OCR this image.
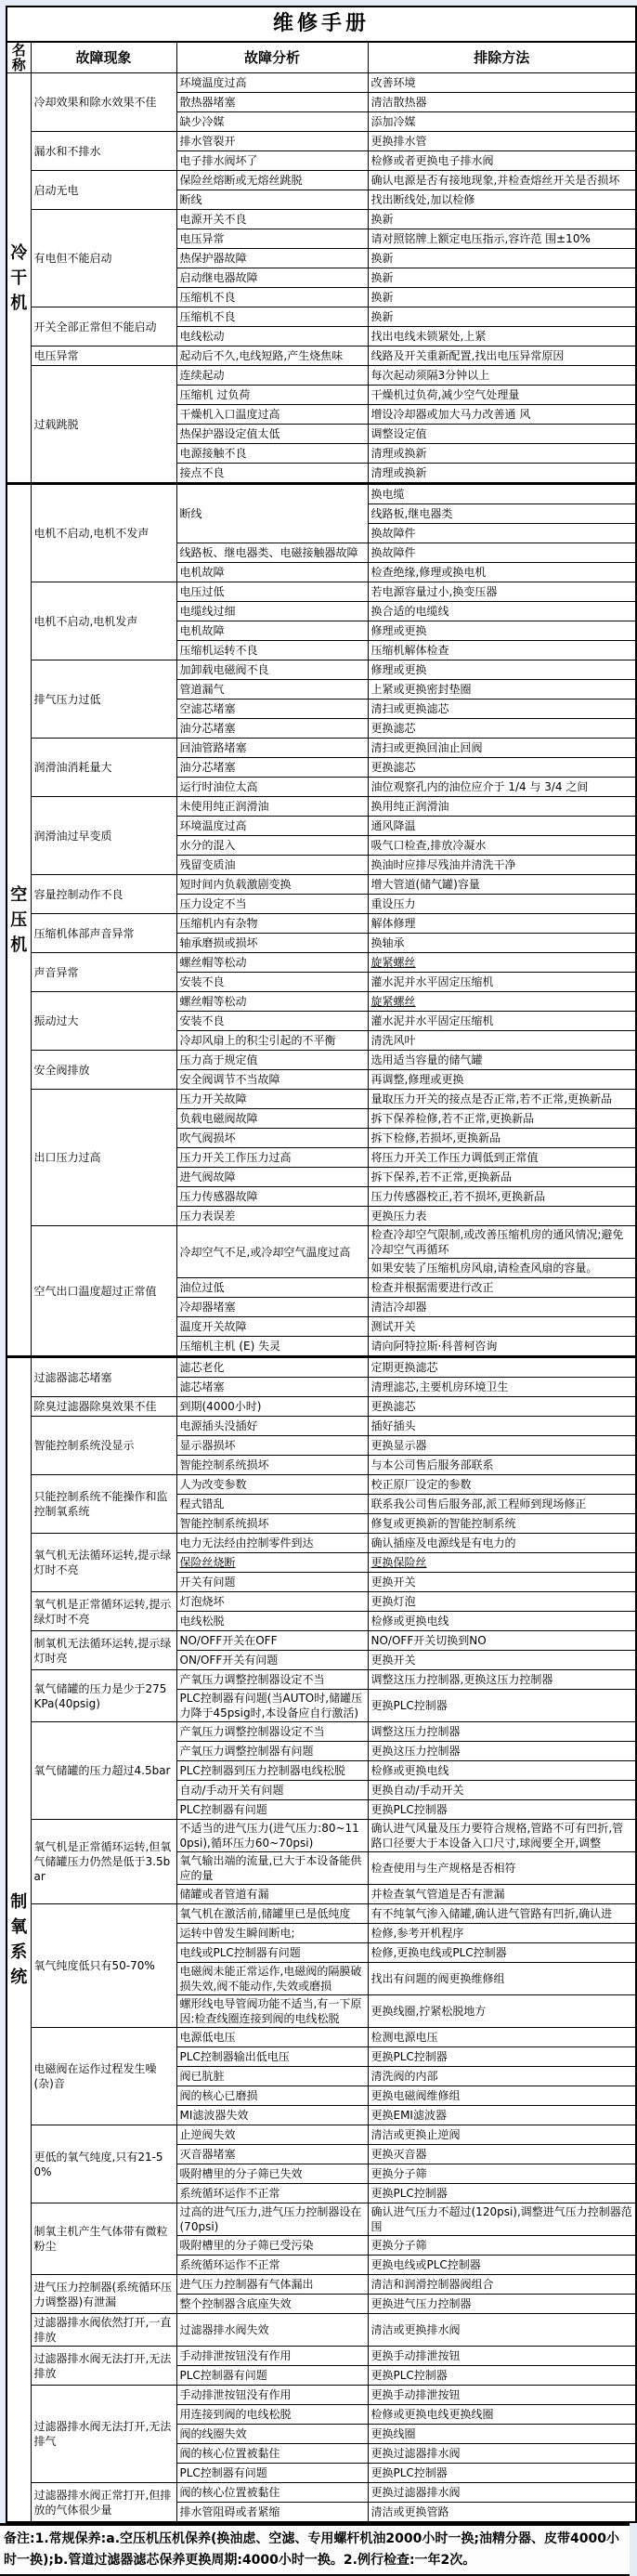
维修手册			
名称	故障现象	故障分析	排除方法
冷干机	冷却效果和除水效果不佳	环境温度过高	改善环境
		散热器堵塞	清洁散热器
		缺少冷媒	添加冷媒
	漏水和不排水	排水管裂开	更换排水管
		电子排水阀坏了	检修或者更换电子排水阀
	启动无电	保险丝熔断或无熔丝跳脱	确认电源是否有接地现象,并检查熔丝开关是否损坏
		断线	找出断线处,加以检修
	有电但不能启动	电源开关不良	换新
		电压异常	请对照铭牌上额定电压指示,容许范 围±10%
		热保护器故障	换新
		启动继电器故障	换新
		压缩机不良	换新
	开关全部正常但不能启动	压缩机不良	换新
		电线松动	找出电线未锁紧处,上紧
	电压异常	起动后不久,电线短路,产生烧焦味	线路及开关重新配置,找出电压异常原因
	过载跳脱	连续起动	每次起动须隔3分钟以上
		压缩机 过负荷	干燥机过负荷,减少空气处理量
		干燥机入口温度过高	增设冷却器或加大马力改善通 风
		热保护器设定值太低	调整设定值
		电源接触不良	清理或换新
		接点不良	清理或换新
空压机	电机不启动,电机不发声	断线	换电缆
			线路板,继电器类
			换故障件
		线路板、继电器类、电磁接触器故障	换故障件
		电机故障	检查绝缘,修理或换电机
	电机不启动,电机发声	电压过低	若电源容量过小,换变压器
		电缆线过细	换合适的电缆线
		电机故障	修理或更换
		压缩机运转不良	压缩机解体检查
	排气压力过低	加卸载电磁阀不良	修理或更换
		管道漏气	上紧或更换密封垫圈
		空滤芯堵塞	清扫或更换滤芯
		油分芯堵塞	更换滤芯
	润滑油消耗量大	回油管路堵塞	清扫或更换回油止回阀
		油分芯堵塞	更换滤芯
		运行时油位太高	油位观察孔内的油位应介于 1/4 与 3/4 之间
	润滑油过早变质	未使用纯正润滑油	换用纯正润滑油
		环境温度过高	通风降温
		水分的混入	吸气口检查,排放冷凝水
		残留变质油	换油时应排尽残油并清洗干净
	容量控制动作不良	短时间内负载激剧变换	增大管道(储气罐)容量
		压力设定不当	重设压力
	压缩机体部声音异常	压缩机内有杂物	解体修理
		轴承磨损或损坏	换轴承
	声音异常	螺丝帽等松动	旋紧螺丝
		安装不良	灌水泥并水平固定压缩机
	振动过大	螺丝帽等松动	旋紧螺丝
		安装不良	灌水泥并水平固定压缩机
		冷却风扇上的积尘引起的不平衡	清洗风叶
	安全阀排放	压力高于规定值	选用适当容量的储气罐
		安全阀调节不当故障	再调整,修理或更换
	出口压力过高	压力开关故障	量取压力开关的接点是否正常,若不正常,更换新品
		负载电磁阀故障	拆下保养检修,若不正常,更换新品
		吹气阀损坏	拆下检修,若损坏,更换新品
		压力开关工作压力过高	将压力开关工作压力调低到正常值
		进气阀故障	拆下保养,若不正常,更换新品
		压力传感器故障	压力传感器校正,若不损坏,更换新品
		压力表误差	更换压力表
	空气出口温度超过正常值	冷却空气不足,或冷却空气温度过高	检查冷却空气限制,或改善压缩机房的通风情况;避免冷却空气再循环
			如果安装了压缩机房风扇,请检查风扇的容量。
		油位过低	检查并根据需要进行改正
		冷却器堵塞	清洁冷却器
		温度开关故障	测试开关
		压缩机主机 (E) 失灵	请向阿特拉斯·科普柯咨询
制氧系统	过滤器滤芯堵塞	滤芯老化	定期更换滤芯
		滤芯堵塞	清理滤芯,主要机房环境卫生
	除臭过滤器除臭效果不佳	到期(4000小时)	更换滤芯
	智能控制系统没显示	电源插头没插好	插好插头
		显示器损坏	更换显示器
		智能控制系统损坏	与本公司售后服务部联系
	只能控制系统不能操作和监控制氧系统	人为改变参数	校正原厂设定的参数
		程式错乱	联系我公司售后服务部,派工程师到现场修正
		智能控制系统损坏	修复或更换新的智能控制系统
	氧气机无法循环运转,提示绿灯时不亮	电力无法经由控制零件到达	确认插座及电源线是有电力的
		保险丝烧断	更换保险丝
		开关有问题	更换开关
	氧气机是正常循环运转,提示绿灯时不亮	灯泡烧坏	更换灯泡
		电线松脱	检修或更换电线
	制氧机无法循环运转,提示绿灯时亮	NO/OFF开关在OFF	NO/OFF开关切换到NO
		ON/OFF开关有问题	更换开关
	氧气储罐的压力是少于275KPa(40psig)	产氧压力调整控制器设定不当	调整这压力控制器,更换这压力控制器
		PLC控制器有问题(当AUTO时,储罐压力降于45psig时,本设备应自行激活)	更换PLC控制器
	氧气储罐的压力超过4.5bar	产氧压力调整控制器设定不当	调整这压力控制器
		产氧压力调整控制器有问题	更换这压力控制器
		PLC控制器到压力控制器电线松脱	检修或更换电线
		自动/手动开关有问题	更换自动/手动开关
		PLC控制器有问题	更换PLC控制器
	氧气机是正常循环运转,但氧气储罐压力仍然是低于3.5bar	不适当的进气压力(进气压力:80~110psi),循环压力60~70psi)	确认进气风量及压力要符合规格,管路不可有凹折,管路口径要大于本设备入口尺寸,球阀要全开,调整
		氧气输出端的流量,已大于本设备能供应的量	检查使用与生产规格是否相符
		储罐或者管道有漏	并检查氧气管道是否有泄漏
	氧气纯度低只有50-70%	氧气机在激活前,储罐里已是低纯度	有不纯氧气渗入储罐,确认进气管路有凹折,确认进
		运转中曾发生瞬间断电;	检修,参考开机程序
		电线或PLC控制器有问题	检修,更换电线或PLC控制器
		电磁阀未能正常运作,电磁阀的隔膜破损失效,阀不能动作,失效或磨损	找出有问题的阀更换维修组
		螺形线电导管阀功能不适当,有一下原因:检查线圈连接到阀的电线松脱	更换线圈,拧紧松脱地方
	电磁阀在运作过程发生噪(杂)音	电源低电压	检测电源电压
		PLC控制器输出低电压	更换PLC控制器
		阀已肮脏	清洗阀的内部
		阀的核心已磨损	更换电磁阀维修组
		MI滤波器失效	更换EMI滤波器
	更低的氧气纯度,只有21-50%	止逆阀失效	清洁或更换止逆阀
		灭音器堵塞	更换灭音器
		吸附槽里的分子筛已失效	更换分子筛
		系统循环运作不正常	更换PLC控制器
	制氧主机产生气体带有微粒粉尘	过高的进气压力,进气压力控制器设在(70psi)	确认进气压力不超过(120psi),调整进气压力控制器范围
		吸附槽里的分子筛已受污染	更换分子筛
		系统循环运作不正常	更换电线或PLC控制器
	进气压力控制器(系统循环压力调整器)有泄漏	进气压力控制器有气体漏出	清洁和润滑控制器阀组合
		整个控制器含底座失效	更换进气压力控制器
	过滤器排水阀依然打开,一直排放	过滤器排水阀失效	清洁或更换排水阀
	过滤器排水阀无法打开,无法排放	手动排泄按钮没有作用	更换手动排泄按钮
		PLC控制器有问题	更换PLC控制器
	过滤器排水阀无法打开,无法排气	手动排泄按钮没有作用	更换手动排泄按钮
		用连接到阀的电线松脱	检修或更换电线更换线圈
		阀的线圈失效	更换线圈
		阀的核心位置被黏住	更换过滤器排水阀
		PLC控制器有问题	更换PLC控制器
	过滤器排水阀正常打开,但排放的气体很少量	阀的核心位置被黏住	更换过滤器排水阀
		排水管阻碍或者紧缩	清洁或更换管路
备注:1.常规保养:a.空压机压机保养(换油虑、空滤、专用螺杆机油2000小时一换;油精分器、皮带4000小时一换);b.管道过滤器滤芯保养更换周期:4000小时一换。2.例行检查:一年2次。
